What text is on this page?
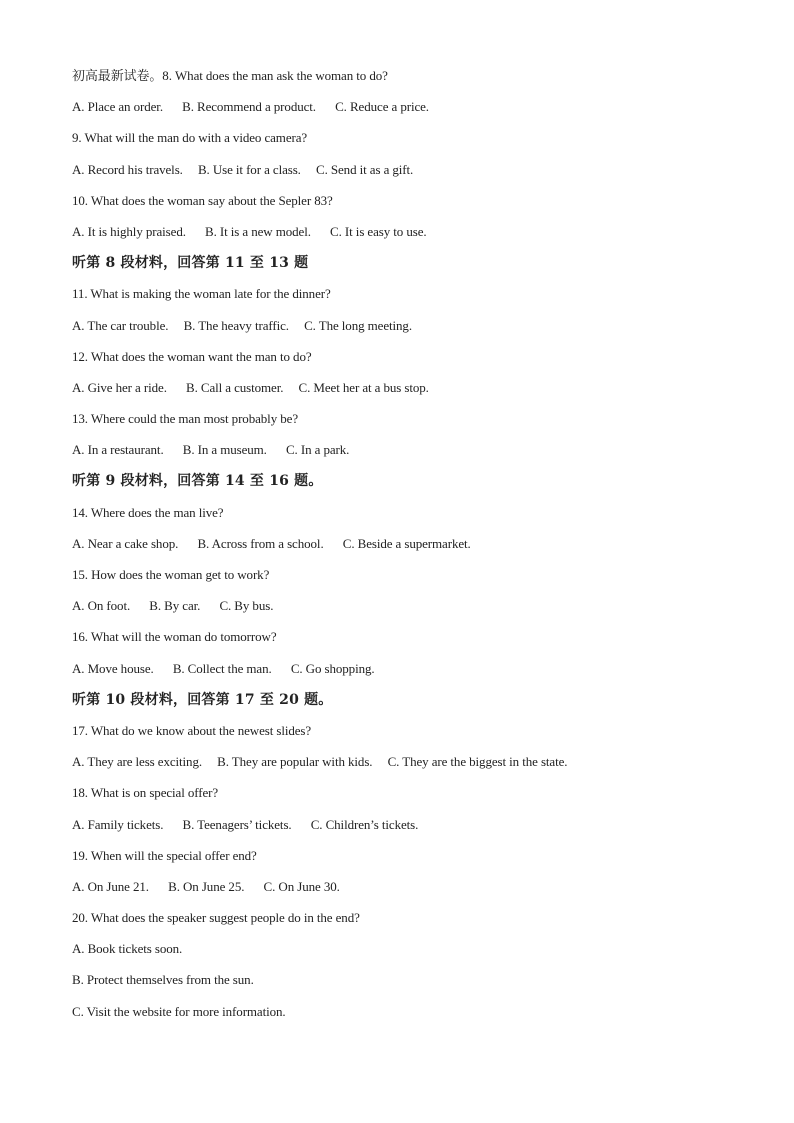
初高最新试卷。8. What does the man ask the woman to do?
A. Place an order. B. Recommend a product. C. Reduce a price.
9. What will the man do with a video camera?
A. Record his travels. B. Use it for a class. C. Send it as a gift.
10. What does the woman say about the Sepler 83?
A. It is highly praised. B. It is a new model. C. It is easy to use.
听第 8 段材料，回答第 11 至 13 题
11. What is making the woman late for the dinner?
A. The car trouble. B. The heavy traffic. C. The long meeting.
12. What does the woman want the man to do?
A. Give her a ride. B. Call a customer. C. Meet her at a bus stop.
13. Where could the man most probably be?
A. In a restaurant. B. In a museum. C. In a park.
听第 9 段材料，回答第 14 至 16 题。
14. Where does the man live?
A. Near a cake shop. B. Across from a school. C. Beside a supermarket.
15. How does the woman get to work?
A. On foot. B. By car. C. By bus.
16. What will the woman do tomorrow?
A. Move house. B. Collect the man. C. Go shopping.
听第 10 段材料，回答第 17 至 20 题。
17. What do we know about the newest slides?
A. They are less exciting. B. They are popular with kids. C. They are the biggest in the state.
18. What is on special offer?
A. Family tickets. B. Teenagers’ tickets. C. Children’s tickets.
19. When will the special offer end?
A. On June 21. B. On June 25. C. On June 30.
20. What does the speaker suggest people do in the end?
A. Book tickets soon.
B. Protect themselves from the sun.
C. Visit the website for more information.
